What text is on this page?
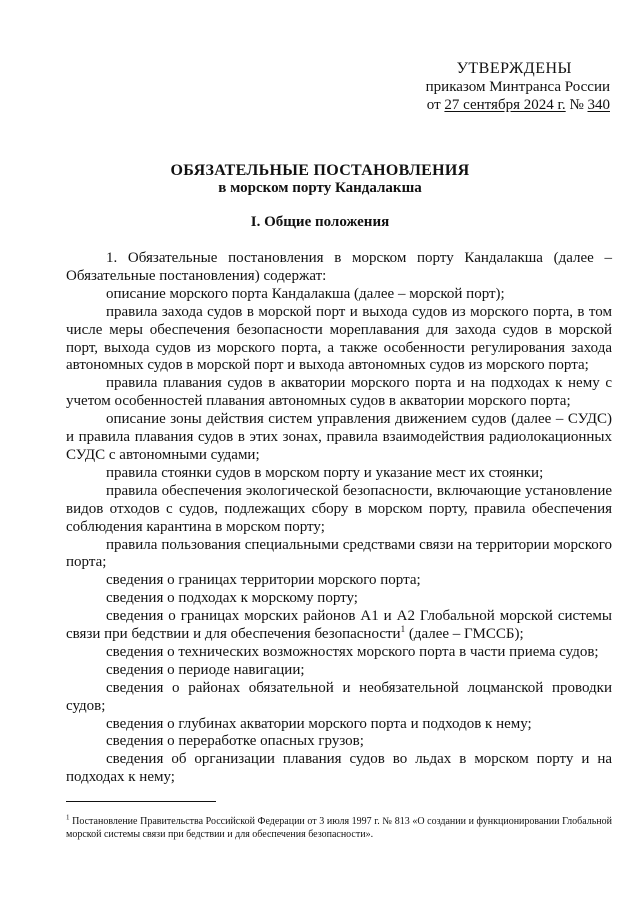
УТВЕРЖДЕНЫ
приказом Минтранса России
от 27 сентября 2024 г. № 340
ОБЯЗАТЕЛЬНЫЕ ПОСТАНОВЛЕНИЯ
в морском порту Кандалакша
I. Общие положения

1. Обязательные постановления в морском порту Кандалакша (далее – Обязательные постановления) содержат:

описание морского порта Кандалакша (далее – морской порт);

правила захода судов в морской порт и выхода судов из морского порта, в том числе меры обеспечения безопасности мореплавания для захода судов в морской порт, выхода судов из морского порта, а также особенности регулирования захода автономных судов в морской порт и выхода автономных судов из морского порта;

правила плавания судов в акватории морского порта и на подходах к нему с учетом особенностей плавания автономных судов в акватории морского порта;

описание зоны действия систем управления движением судов (далее – СУДС) и правила плавания судов в этих зонах, правила взаимодействия радиолокационных СУДС с автономными судами;

правила стоянки судов в морском порту и указание мест их стоянки;

правила обеспечения экологической безопасности, включающие установление видов отходов с судов, подлежащих сбору в морском порту, правила обеспечения соблюдения карантина в морском порту;

правила пользования специальными средствами связи на территории морского порта;

сведения о границах территории морского порта;

сведения о подходах к морскому порту;

сведения о границах морских районов А1 и А2 Глобальной морской системы связи при бедствии и для обеспечения безопасности$^1$ (далее – ГМССБ);

сведения о технических возможностях морского порта в части приема судов;

сведения о периоде навигации;

сведения о районах обязательной и необязательной лоцманской проводки судов;

сведения о глубинах акватории морского порта и подходов к нему;

сведения о переработке опасных грузов;

сведения об организации плавания судов во льдах в морском порту и на подходах к нему;

$^1$ Постановление Правительства Российской Федерации от 3 июля 1997 г. № 813 «О создании и функционировании Глобальной морской системы связи при бедствии и для обеспечения безопасности».
